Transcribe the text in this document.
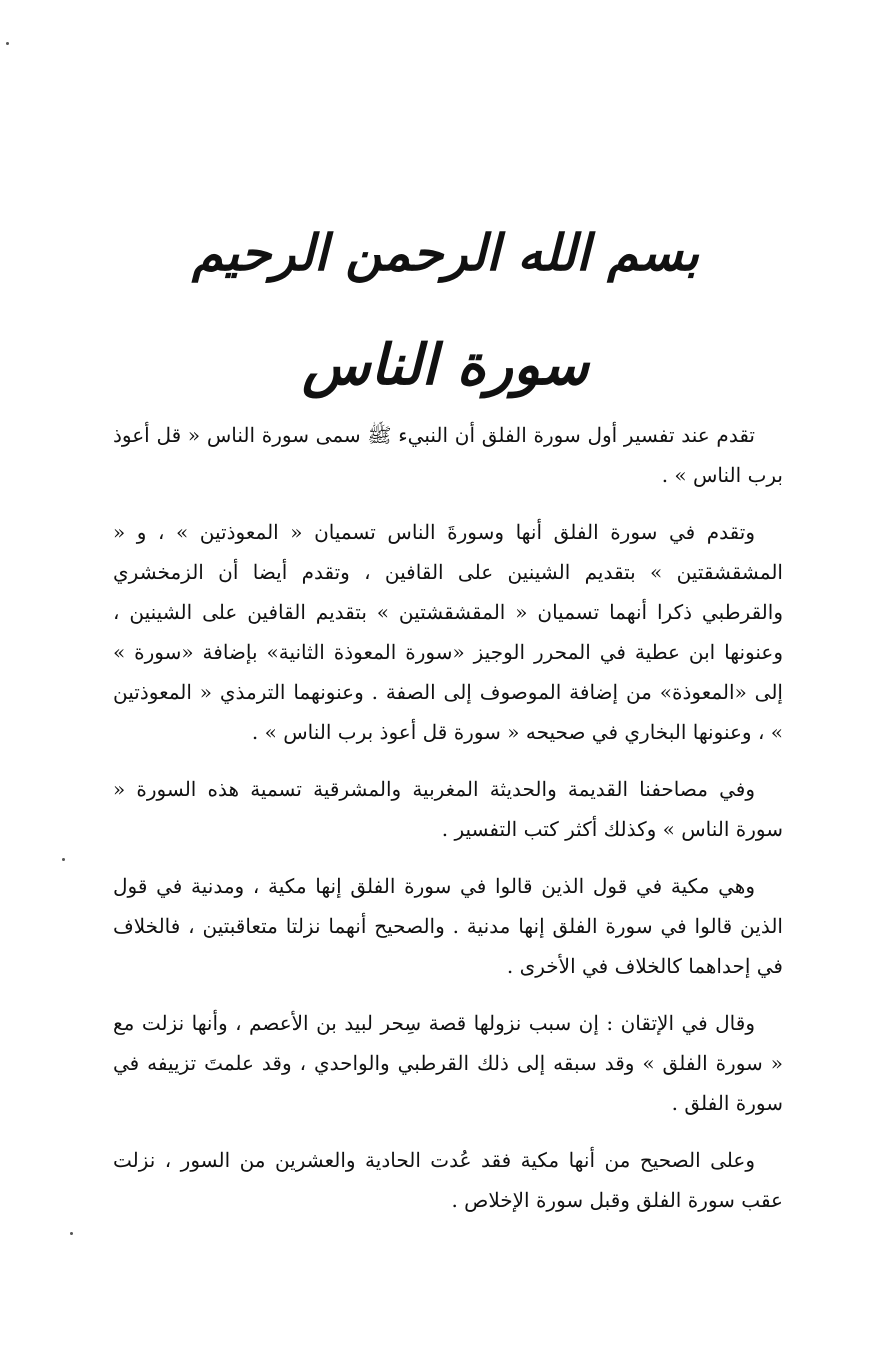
بسم الله الرحمن الرحيم
سورة الناس

تقدم عند تفسير أول سورة الفلق أن النبيء ﷺ سمى سورة الناس « قل أعوذ برب الناس » .

وتقدم في سورة الفلق أنها وسورةَ الناس تسميان « المعوذتين » ، و « المشقشقتين » بتقديم الشينين على القافين ، وتقدم أيضا أن الزمخشري والقرطبي ذكرا أنهما تسميان « المقشقشتين » بتقديم القافين على الشينين ، وعنونها ابن عطية في المحرر الوجيز «سورة المعوذة الثانية» بإضافة «سورة » إلى «المعوذة» من إضافة الموصوف إلى الصفة . وعنونهما الترمذي « المعوذتين » ، وعنونها البخاري في صحيحه « سورة قل أعوذ برب الناس » .

وفي مصاحفنا القديمة والحديثة المغربية والمشرقية تسمية هذه السورة « سورة الناس » وكذلك أكثر كتب التفسير .

وهي مكية في قول الذين قالوا في سورة الفلق إنها مكية ، ومدنية في قول الذين قالوا في سورة الفلق إنها مدنية . والصحيح أنهما نزلتا متعاقبتين ، فالخلاف في إحداهما كالخلاف في الأخرى .

وقال في الإتقان : إن سبب نزولها قصة سِحر لبيد بن الأعصم ، وأنها نزلت مع « سورة الفلق » وقد سبقه إلى ذلك القرطبي والواحدي ، وقد علمتَ تزييفه في سورة الفلق .

وعلى الصحيح من أنها مكية فقد عُدت الحادية والعشرين من السور ، نزلت عقب سورة الفلق وقبل سورة الإخلاص .
